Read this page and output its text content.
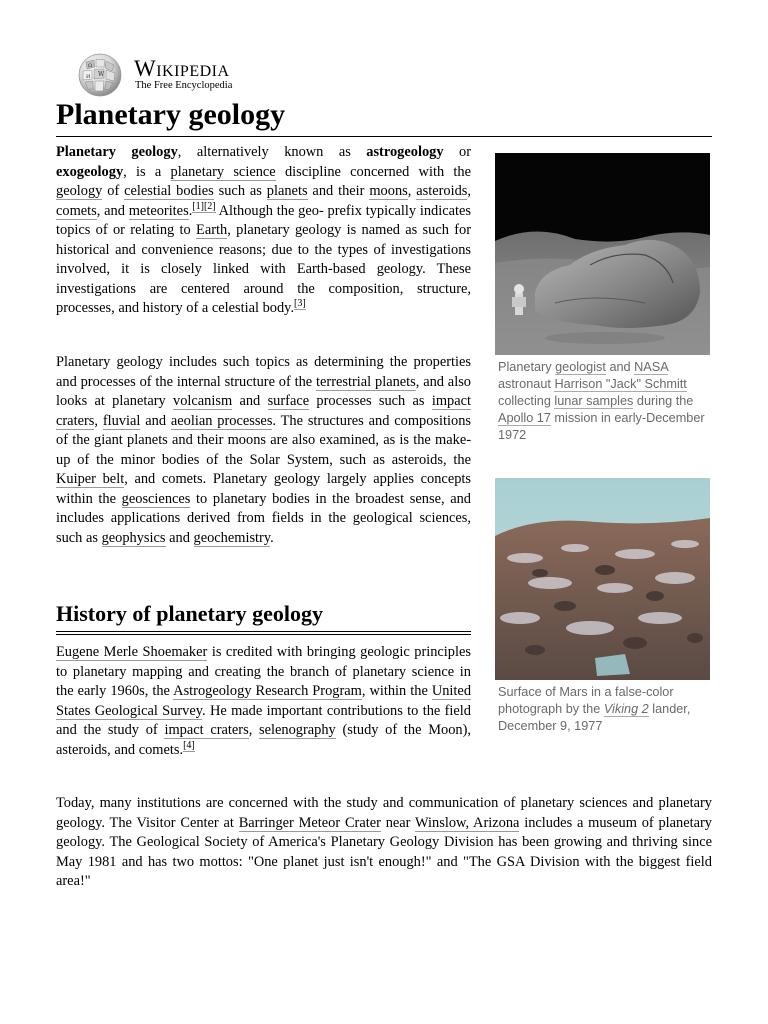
Ω
W
И Wikipedia
The Free Encyclopedia
Planetary geology

Planetary geology, alternatively known as astrogeology or exogeology, is a planetary science discipline concerned with the geology of celestial bodies such as planets and their moons, asteroids, comets, and meteorites.[1][2] Although the geo- prefix typically indicates topics of or relating to Earth, planetary geology is named as such for historical and convenience reasons; due to the types of investigations involved, it is closely linked with Earth-based geology. These investigations are centered around the composition, structure, processes, and history of a celestial body.[3]

Planetary geology includes such topics as determining the properties and processes of the internal structure of the terrestrial planets, and also looks at planetary volcanism and surface processes such as impact craters, fluvial and aeolian processes. The structures and compositions of the giant planets and their moons are also examined, as is the make-up of the minor bodies of the Solar System, such as asteroids, the Kuiper belt, and comets. Planetary geology largely applies concepts within the geosciences to planetary bodies in the broadest sense, and includes applications derived from fields in the geological sciences, such as geophysics and geochemistry.

History of planetary geology

Eugene Merle Shoemaker is credited with bringing geologic principles to planetary mapping and creating the branch of planetary science in the early 1960s, the Astrogeology Research Program, within the United States Geological Survey. He made important contributions to the field and the study of impact craters, selenography (study of the Moon), asteroids, and comets.[4]

Today, many institutions are concerned with the study and communication of planetary sciences and planetary geology. The Visitor Center at Barringer Meteor Crater near Winslow, Arizona includes a museum of planetary geology. The Geological Society of America's Planetary Geology Division has been growing and thriving since May 1981 and has two mottos: "One planet just isn't enough!" and "The GSA Division with the biggest field area!"

Planetary geologist and NASA astronaut Harrison "Jack" Schmitt collecting lunar samples during the Apollo 17 mission in early-December 1972
Surface of Mars in a false-color photograph by the Viking 2 lander, December 9, 1977
